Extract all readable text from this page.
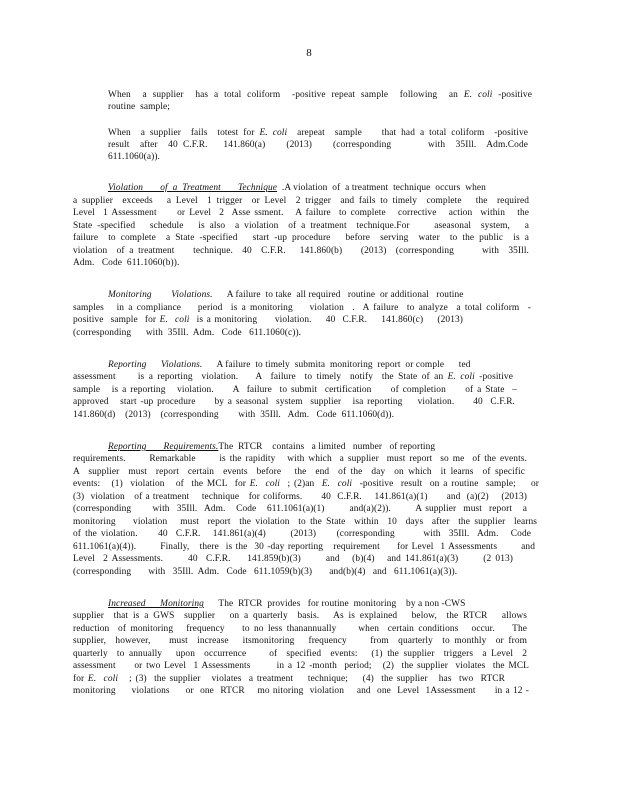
8
When  a supplier  has a total coliform  -positive repeat sample  following  an E. coli -positive
routine  sample;
When  a supplier  fails  totest for E. coli  arepeat  sample    that had a total coliform  -positive
result  after  40 C.F.R.   141.860(a)    (2013)    (corresponding       with  35Ill.  Adm.Code
611.1060(a)).
Violation       of  a  Treatment       Technique  .A violation  of  a treatment  technique  occurs  when
a supplier  exceeds   a Level  1 trigger  or Level  2 trigger  and fails to timely  complete   the  required
Level  1 Assessment     or Level  2  Asse ssment.   A failure  to complete   corrective   action  within   the
State -specified   schedule   is also  a violation  of a treatment  technique.For     aseasonal  system,   a
failure  to complete  a State -specified   start -up procedure   before  serving  water  to the public  is a
violation  of a treatment    technique.  40  C.F.R.   141.860(b)    (2013)  (corresponding      with  35Ill.
Adm.   Code  611.1060(b)).
Monitoring        Violations.      A failure  to take  all required   routine  or additional   routine
samples   in a compliance    period  is a monitoring    violation  .  A failure  to analyze  a total coliform  -
positive  sample  for E.  coli  is a monitoring     violation.    40  C.F.R.    141.860(c)    (2013)
(corresponding      with  35Ill.  Adm.   Code   611.1060(c)).
Reporting      Violations.      A failure  to timely  submita  monitoring  report  or comple      ted
assessment     is a reporting  violation.    A  failure  to timely  notify  the State of an E. coli -positive
sample   is a reporting   violation.     A  failure  to submit  certification     of completion     of a State  –
approved   start -up procedure     by a seasonal  system  supplier   isa reporting    violation.     40  C.F.R.
141.860(d)    (2013)    (corresponding        with  35Ill.   Adm.   Code  611.1060(d)).
Reporting       Requirements.The  RTCR    contains   a limited   number   of reporting
requirements.      Remarkable      is the rapidity   with which  a supplier  must report  so me  of the events.
A  supplier  must  report  certain  events  before   the  end  of the  day  on which  it learns  of specific
events:   (1)  violation   of  the MCL  for E.  coli  ; (2)an  E.  coli  -positive  result  on a routine  sample;    or
(3)  violation   of a treatment    technique   for coliforms.      40  C.F.R.    141.861(a)(1)      and  (a)(2)    (2013)
(corresponding      with  35Ill.  Adm.   Code   611.1061(a)(1)       and(a)(2)).       A supplier  must  report   a
monitoring    violation   must  report  the violation  to the State  within  10  days  after  the supplier  learns
of the violation.     40  C.F.R.   141.861(a)(4)      (2013)     (corresponding       with  35Ill.  Adm.   Code
611.1061(a)(4)).       Finally,   there  is the  30 -day reporting   requirement     for Level  1 Assessments       and
Level  2 Assessments.      40  C.F.R.    141.859(b)(3)      and   (b)(4)   and 141.861(a)(3)      (2 013)
(corresponding       with   35Ill.  Adm.   Code   611.1059(b)(3)       and(b)(4)   and   611.1061(a)(3)).
Increased      Monitoring      The  RTCR  provides   for routine  monitoring    by a non -CWS
supplier  that is a GWS  supplier   on a quarterly  basis.   As is explained   below,  the RTCR   allows
reduction  of monitoring   frequency    to no less thanannually     when  certain conditions   occur.    The
supplier,  however,    must  increase   itsmonitoring   frequency     from  quarterly  to monthly  or from
quarterly  to annually   upon  occurrence     of  specified  events:   (1) the supplier  triggers  a Level  2
assessment     or two Level  1 Assessments       in a 12 -month  period;   (2)  the supplier  violates  the MCL
for E.  coli   ; (3)  the supplier   violates  a treatment    technique;    (4)  the supplier   has  two  RTCR
monitoring     violations     or  one  RTCR    mo nitoring  violation    and  one  Level  1Assessment      in a 12 -
